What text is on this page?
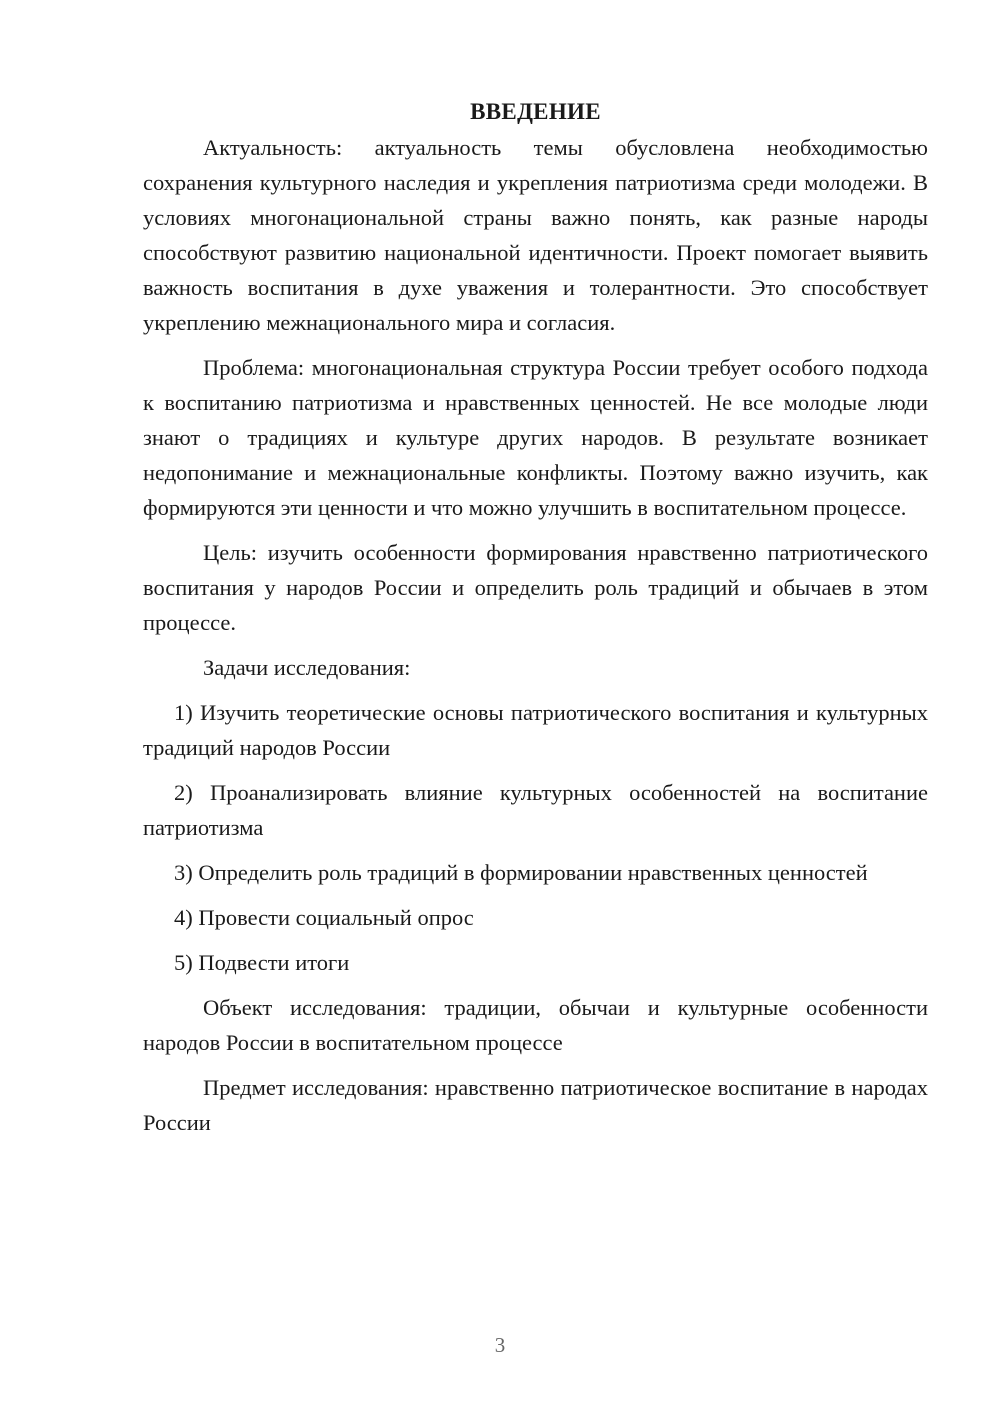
ВВЕДЕНИЕ

Актуальность: актуальность темы обусловлена необходимостью сохранения культурного наследия и укрепления патриотизма среди молодежи. В условиях многонациональной страны важно понять, как разные народы способствуют развитию национальной идентичности. Проект помогает выявить важность воспитания в духе уважения и толерантности. Это способствует укреплению межнационального мира и согласия.

Проблема: многонациональная структура России требует особого подхода к воспитанию патриотизма и нравственных ценностей. Не все молодые люди знают о традициях и культуре других народов. В результате возникает недопонимание и межнациональные конфликты. Поэтому важно изучить, как формируются эти ценности и что можно улучшить в воспитательном процессе.

Цель: изучить особенности формирования нравственно патриотического воспитания у народов России и определить роль традиций и обычаев в этом процессе.

Задачи исследования:

1) Изучить теоретические основы патриотического воспитания и культурных традиций народов России

2) Проанализировать влияние культурных особенностей на воспитание патриотизма

3) Определить роль традиций в формировании нравственных ценностей

4) Провести социальный опрос

5) Подвести итоги

Объект исследования: традиции, обычаи и культурные особенности народов России в воспитательном процессе

Предмет исследования: нравственно патриотическое воспитание в народах России

3
